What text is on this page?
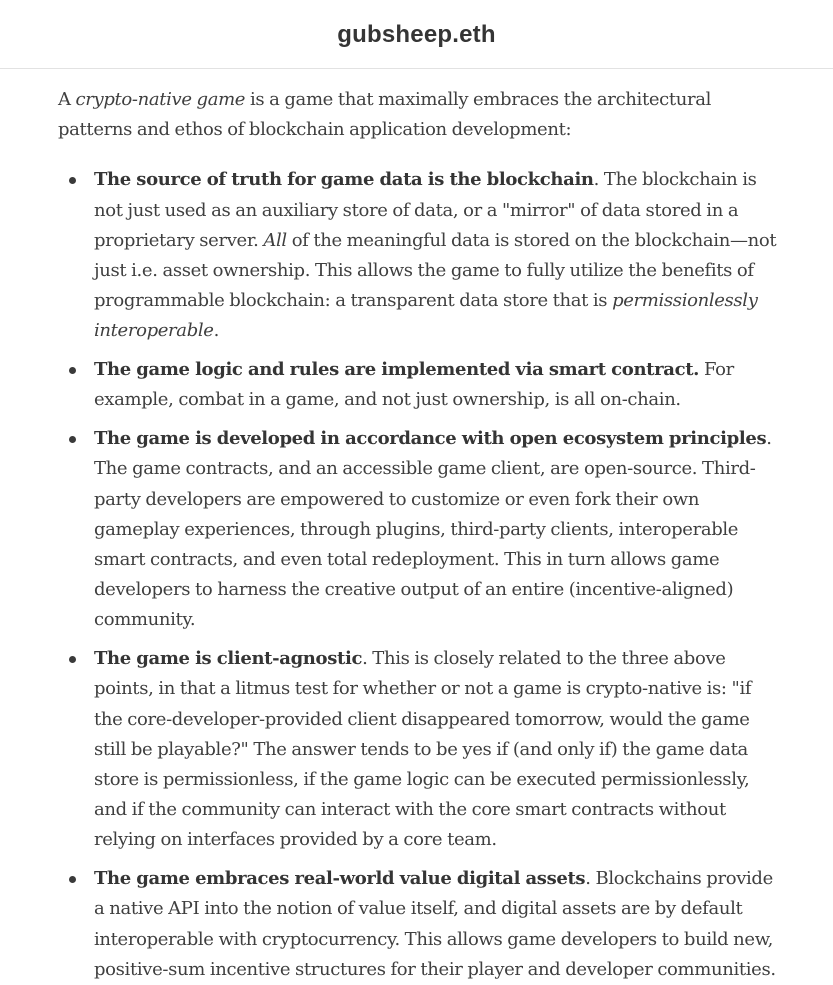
gubsheep.eth

A crypto-native game is a game that maximally embraces the architectural patterns and ethos of blockchain application development:

The source of truth for game data is the blockchain. The blockchain is not just used as an auxiliary store of data, or a "mirror" of data stored in a proprietary server. All of the meaningful data is stored on the blockchain—not just i.e. asset ownership. This allows the game to fully utilize the benefits of programmable blockchain: a transparent data store that is permissionlessly interoperable.
The game logic and rules are implemented via smart contract. For example, combat in a game, and not just ownership, is all on-chain.
The game is developed in accordance with open ecosystem principles. The game contracts, and an accessible game client, are open-source. Third-party developers are empowered to customize or even fork their own gameplay experiences, through plugins, third-party clients, interoperable smart contracts, and even total redeployment. This in turn allows game developers to harness the creative output of an entire (incentive-aligned) community.
The game is client-agnostic. This is closely related to the three above points, in that a litmus test for whether or not a game is crypto-native is: "if the core-developer-provided client disappeared tomorrow, would the game still be playable?" The answer tends to be yes if (and only if) the game data store is permissionless, if the game logic can be executed permissionlessly, and if the community can interact with the core smart contracts without relying on interfaces provided by a core team.
The game embraces real-world value digital assets. Blockchains provide a native API into the notion of value itself, and digital assets are by default interoperable with cryptocurrency. This allows game developers to build new, positive-sum incentive structures for their player and developer communities.
